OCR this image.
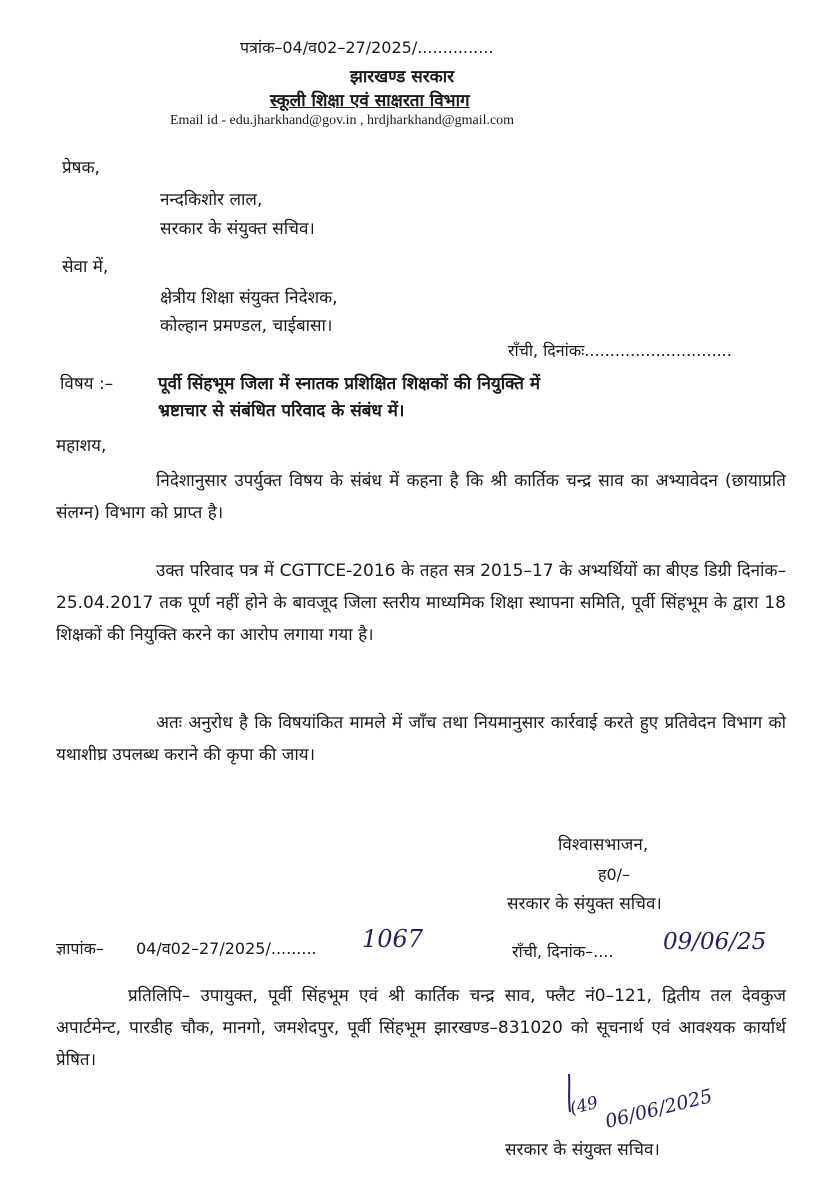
पत्रांक–04/व02–27/2025/...............
झारखण्ड सरकार
स्कूली शिक्षा एवं साक्षरता विभाग
Email id - edu.jharkhand@gov.in , hrdjharkhand@gmail.com
प्रेषक,
नन्दकिशोर लाल,
सरकार के संयुक्त सचिव।
सेवा में,
क्षेत्रीय शिक्षा संयुक्त निदेशक,
कोल्हान प्रमण्डल, चाईबासा।
राँची, दिनांकः.............................
विषय :–	पूर्वी सिंहभूम जिला में स्नातक प्रशिक्षित शिक्षकों की नियुक्ति में
भ्रष्टाचार से संबंधित परिवाद के संबंध में।
महाशय,
निदेशानुसार उपर्युक्त विषय के संबंध में कहना है कि श्री कार्तिक चन्द्र साव का अभ्यावेदन (छायाप्रति संलग्न) विभाग को प्राप्त है।
उक्त परिवाद पत्र में CGTTCE-2016 के तहत सत्र 2015–17 के अभ्यर्थियों का बीएड डिग्री दिनांक–25.04.2017 तक पूर्ण नहीं होने के बावजूद जिला स्तरीय माध्यमिक शिक्षा स्थापना समिति, पूर्वी सिंहभूम के द्वारा 18 शिक्षकों की नियुक्ति करने का आरोप लगाया गया है।
अतः अनुरोध है कि विषयांकित मामले में जाँच तथा नियमानुसार कार्रवाई करते हुए प्रतिवेदन विभाग को यथाशीघ्र उपलब्ध कराने की कृपा की जाय।
विश्वासभाजन,
ह0/–
सरकार के संयुक्त सचिव।
ज्ञापांक– 04/व02–27/2025/......... 1067	राँची, दिनांक–.... 09/06/25
प्रतिलिपि– उपायुक्त, पूर्वी सिंहभूम एवं श्री कार्तिक चन्द्र साव, फ्लैट नं0–121, द्वितीय तल देवकुज अपार्टमेन्ट, पारडीह चौक, मानगो, जमशेदपुर, पूर्वी सिंहभूम झारखण्ड–831020 को सूचनार्थ एवं आवश्यक कार्यार्थ प्रेषित।
(49 06/06/2025
सरकार के संयुक्त सचिव।
